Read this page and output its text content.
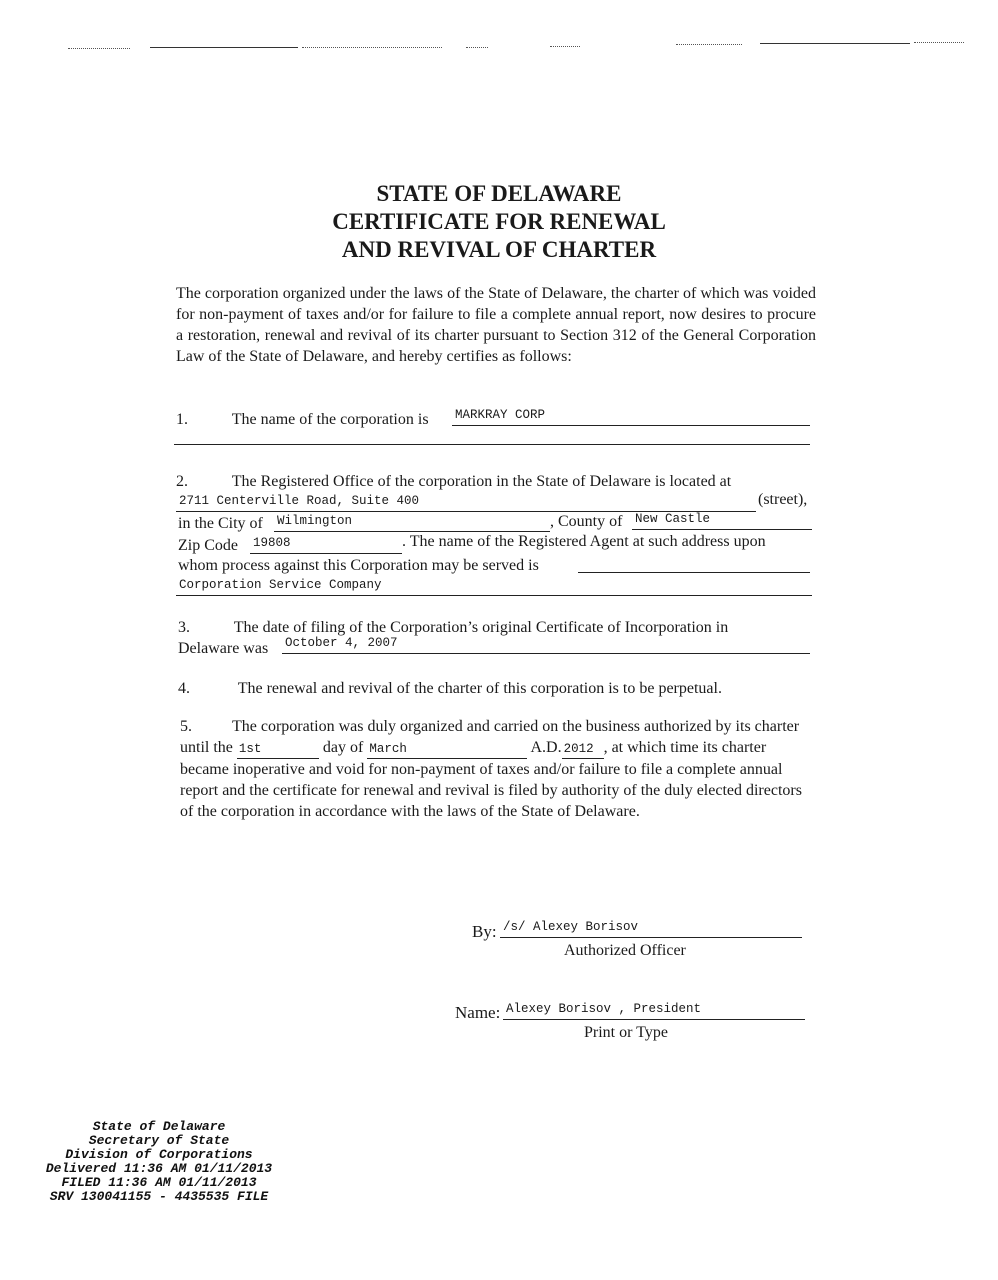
STATE OF DELAWARE
CERTIFICATE FOR RENEWAL
AND REVIVAL OF CHARTER
The corporation organized under the laws of the State of Delaware, the charter of which was voided for non-payment of taxes and/or for failure to file a complete annual report, now desires to procure a restoration, renewal and revival of its charter pursuant to Section 312 of the General Corporation Law of the State of Delaware, and hereby certifies as follows:
1.	The name of the corporation is MARKRAY CORP
2.	The Registered Office of the corporation in the State of Delaware is located at
2711 Centerville Road, Suite 400	(street),
in the City of Wilmington	, County of New Castle
Zip Code 19808	. The name of the Registered Agent at such address upon
whom process against this Corporation may be served is
Corporation Service Company
3.	The date of filing of the Corporation’s original Certificate of Incorporation in
Delaware was October 4, 2007
4.	The renewal and revival of the charter of this corporation is to be perpetual.
5.	The corporation was duly organized and carried on the business authorized by its charter until the 1st	day of March	A.D. 2012 , at which time its charter became inoperative and void for non-payment of taxes and/or failure to file a complete annual report and the certificate for renewal and revival is filed by authority of the duly elected directors of the corporation in accordance with the laws of the State of Delaware.
By: /s/ Alexey Borisov
Authorized Officer
Name: Alexey Borisov , President
Print or Type
State of Delaware
Secretary of State
Division of Corporations
Delivered 11:36 AM 01/11/2013
FILED 11:36 AM 01/11/2013
SRV 130041155 - 4435535 FILE
